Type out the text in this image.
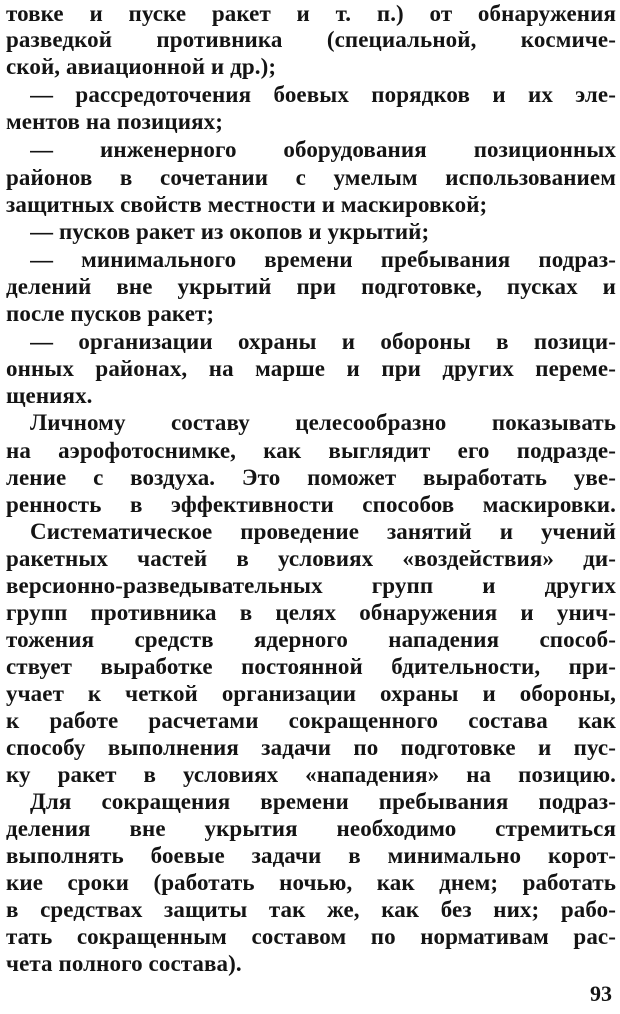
товке и пуске ракет и т. п.) от обнаружения
разведкой противника (специальной, космиче-
ской, авиационной и др.);
— рассредоточения боевых порядков и их эле-
ментов на позициях;
— инженерного оборудования позиционных
районов в сочетании с умелым использованием
защитных свойств местности и маскировкой;
— пусков ракет из окопов и укрытий;
— минимального времени пребывания подраз-
делений вне укрытий при подготовке, пусках и
после пусков ракет;
— организации охраны и обороны в позици-
онных районах, на марше и при других переме-
щениях.
Личному составу целесообразно показывать
на аэрофотоснимке, как выглядит его подразде-
ление с воздуха. Это поможет выработать уве-
ренность в эффективности способов маскировки.
Систематическое проведение занятий и учений
ракетных частей в условиях «воздействия» ди-
версионно-разведывательных групп и других
групп противника в целях обнаружения и унич-
тожения средств ядерного нападения способ-
ствует выработке постоянной бдительности, при-
учает к четкой организации охраны и обороны,
к работе расчетами сокращенного состава как
способу выполнения задачи по подготовке и пус-
ку ракет в условиях «нападения» на позицию.
Для сокращения времени пребывания подраз-
деления вне укрытия необходимо стремиться
выполнять боевые задачи в минимально корот-
кие сроки (работать ночью, как днем; работать
в средствах защиты так же, как без них; рабо-
тать сокращенным составом по нормативам рас-
чета полного состава).
93
